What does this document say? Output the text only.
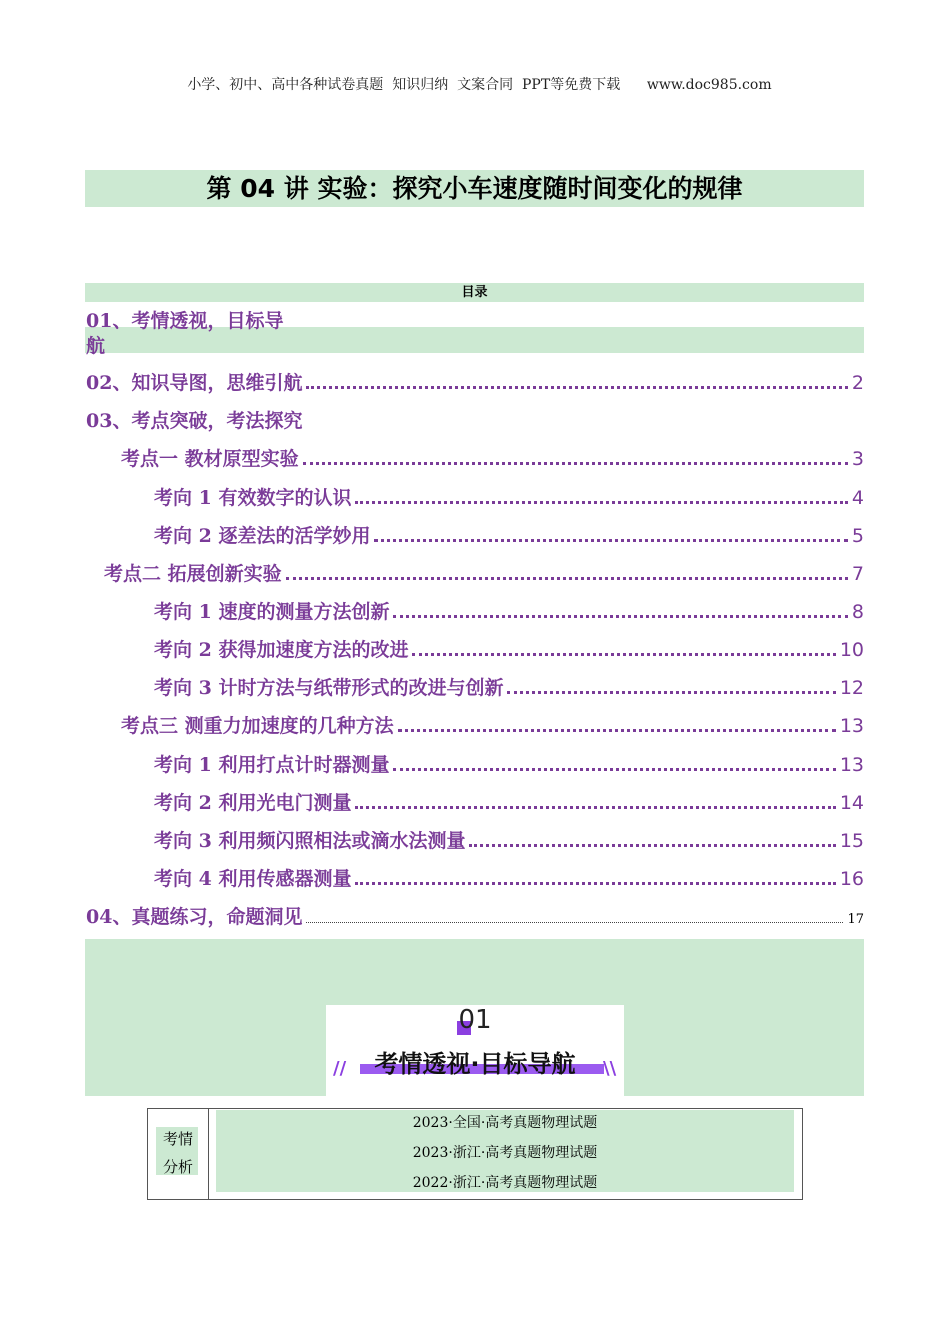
小学、初中、高中各种试卷真题  知识归纳  文案合同  PPT等免费下载 www.doc985.com

第 04 讲 实验：探究小车速度随时间变化的规律
目录
01、考情透视，目标导
航
02、知识导图，思维引航	2
03、考点突破，考法探究
考点一 教材原型实验	3
考向 1 有效数字的认识	4
考向 2 逐差法的活学妙用	5
考点二 拓展创新实验	7
考向 1 速度的测量方法创新	8
考向 2 获得加速度方法的改进	10
考向 3 计时方法与纸带形式的改进与创新	12
考点三 测重力加速度的几种方法	13
考向 1 利用打点计时器测量	13
考向 2 利用光电门测量	14
考向 3 利用频闪照相法或滴水法测量	15
考向 4 利用传感器测量	16
04、真题练习，命题洞见	17
01
考情透视·目标导航
//	\\
考情
分析
2023·全国·高考真题物理试题
2023·浙江·高考真题物理试题
2022·浙江·高考真题物理试题
